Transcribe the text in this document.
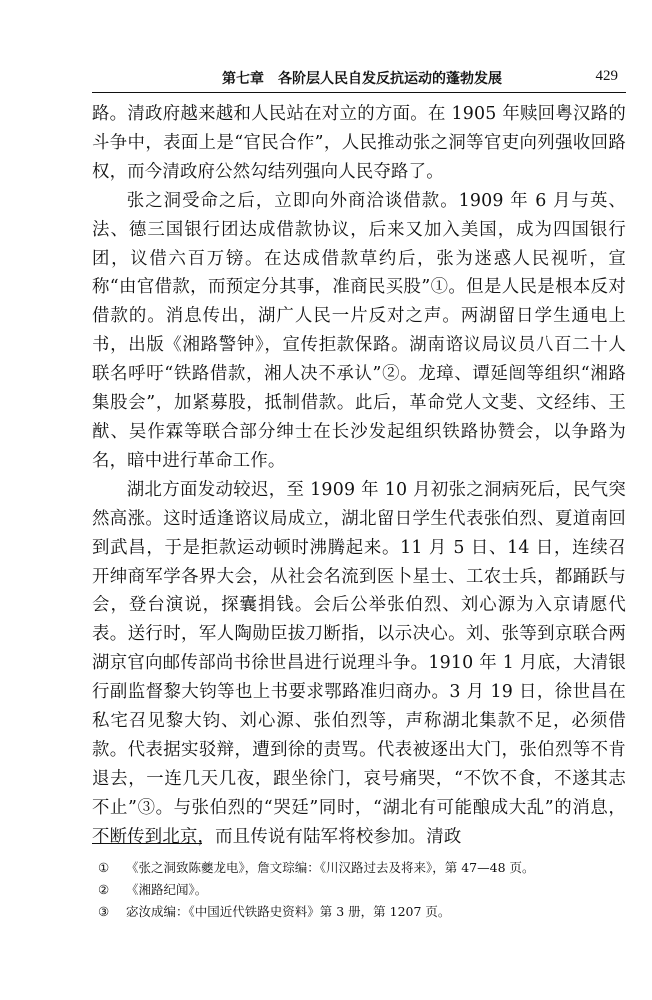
第七章　各阶层人民自发反抗运动的蓬勃发展	429

路。清政府越来越和人民站在对立的方面。在 1905 年赎回粤汉路的斗争中，表面上是“官民合作”，人民推动张之洞等官吏向列强收回路权，而今清政府公然勾结列强向人民夺路了。

张之洞受命之后，立即向外商洽谈借款。1909 年 6 月与英、法、德三国银行团达成借款协议，后来又加入美国，成为四国银行团，议借六百万镑。在达成借款草约后，张为迷惑人民视听，宣称“由官借款，而预定分其事，准商民买股”①。但是人民是根本反对借款的。消息传出，湖广人民一片反对之声。两湖留日学生通电上书，出版《湘路警钟》，宣传拒款保路。湖南谘议局议员八百二十人联名呼吁“铁路借款，湘人决不承认”②。龙璋、谭延闿等组织“湘路集股会”，加紧募股，抵制借款。此后，革命党人文斐、文经纬、王猷、吴作霖等联合部分绅士在长沙发起组织铁路协赞会，以争路为名，暗中进行革命工作。

湖北方面发动较迟，至 1909 年 10 月初张之洞病死后，民气突然高涨。这时适逢谘议局成立，湖北留日学生代表张伯烈、夏道南回到武昌，于是拒款运动顿时沸腾起来。11 月 5 日、14 日，连续召开绅商军学各界大会，从社会名流到医卜星士、工农士兵，都踊跃与会，登台演说，探囊捐钱。会后公举张伯烈、刘心源为入京请愿代表。送行时，军人陶勋臣拔刀断指，以示决心。刘、张等到京联合两湖京官向邮传部尚书徐世昌进行说理斗争。1910 年 1 月底，大清银行副监督黎大钧等也上书要求鄂路准归商办。3 月 19 日，徐世昌在私宅召见黎大钧、刘心源、张伯烈等，声称湖北集款不足，必须借款。代表据实驳辩，遭到徐的责骂。代表被逐出大门，张伯烈等不肯退去，一连几天几夜，跟坐徐门，哀号痛哭，“不饮不食，不遂其志不止”③。与张伯烈的“哭廷”同时，“湖北有可能酿成大乱”的消息，不断传到北京，而且传说有陆军将校参加。清政

① 《张之洞致陈夔龙电》，詹文琮编：《川汉路过去及将来》，第 47—48 页。
② 《湘路纪闻》。
③ 宓汝成编：《中国近代铁路史资料》第 3 册，第 1207 页。
